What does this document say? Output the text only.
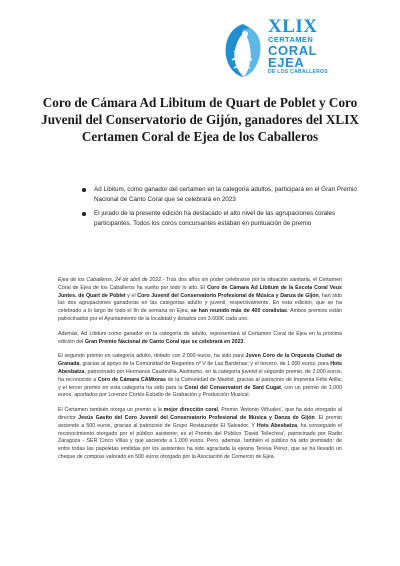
XLIX
CERTAMEN
CORAL
EJEA
DE LOS CABALLEROS
Coro de Cámara Ad Libitum de Quart de Poblet y Coro Juvenil del Conservatorio de Gijón, ganadores del XLIX Certamen Coral de Ejea de los Caballeros
Ad Libitum, como ganador del certamen en la categoría adultos, participará en el Gran Premio Nacional de Canto Coral que se celebrará en 2023
El jurado de la presente edición ha destacado el alto nivel de las agrupaciones corales participantes. Todos los coros concursantes estaban en puntuación de premio

Ejea de los Caballeros, 24 de abril de 2022.- Tras dos años sin poder celebrarse por la situación sanitaria, el Certamen Coral de Ejea de los Caballeros ha vuelto por todo lo alto. El Coro de Cámara Ad Libitum de la Escola Coral Veus Juntes, de Quart de Poblet y el Coro Juvenil del Conservatorio Profesional de Música y Danza de Gijón, han sido las dos agrupaciones ganadoras en las categorías adulto y juvenil, respectivamente. En esta edición, que se ha celebrado a lo largo de todo el fin de semana en Ejea, se han reunido más de 400 coralistas. Ambos premios están patrocinados por el Ayuntamiento de la localidad y dotados con 3.000€ cada uno.

Además, Ad Libitum como ganador en la categoría de adulto, representará al Certamen Coral de Ejea en la próxima edición del Gran Premio Nacional de Canto Coral que se celebrará en 2023.

El segundo premio en categoría adulto, dotado con 2.000 euros, ha sido para Joven Coro de la Orquesta Ciudad de Granada, gracias al apoyo de la Comunidad de Regantes nº V de Las Bardenas; y el tercero, de 1.000 euros, para Hots Abesbatza, patrocinado por Hermanos Caudevilla. Asimismo, en la categoría juvenil el segundo premio, de 2.000 euros, ha reconocido a Coro de Cámara CAMtoras de la Comunidad de Madrid, gracias al patrocinio de Imprenta Félix Arilla; y el tercer premio en esta categoría ha sido para la Coral del Conservatori de Sant Cugat, con un premio de 1.000 euros, aportados por Lorenzo Cortés Estudio de Grabación y Producción Musical.

El Certamen también otorga un premio a la mejor dirección coral, Premio 'Antonio Viñuales', que ha sido otorgado al director Jesús Gavito del Coro Juvenil del Conservatorio Profesional de Música y Danza de Gijón. El premio asciende a 500 euros, gracias al patrocinio de Grupo Restaurante El Salvador. Y Hots Abesbatza, ha conseguido el reconocimiento otorgado por el público asistente; es el Premio del Público 'David Tellechea', patrocinado por Radio Zaragoza - SER Cinco Villas y que asciende a 1.000 euros. Pero, además, también el público ha sido premiado: de entre todas las papeletas emitidas por los asistentes ha sido agraciada la ejeana Teresa Pérez, que se ha llevado un cheque de compras valorado en 500 euros otorgado por la Asociación de Comercio de Ejea.
